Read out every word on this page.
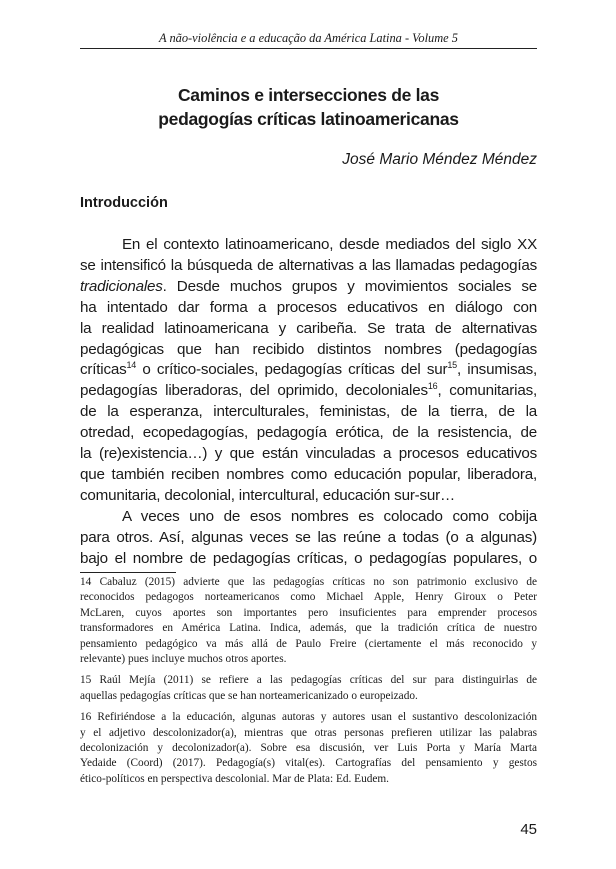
A não-violência e a educação da América Latina - Volume 5
Caminos e intersecciones de las
pedagogías críticas latinoamericanas
José Mario Méndez Méndez
Introducción
En el contexto latinoamericano, desde mediados del siglo XX
se intensificó la búsqueda de alternativas a las llamadas pedagogías
tradicionales. Desde muchos grupos y movimientos sociales se
ha intentado dar forma a procesos educativos en diálogo con
la realidad latinoamericana y caribeña. Se trata de alternativas
pedagógicas que han recibido distintos nombres (pedagogías
críticas$^{14}$ o crítico-sociales, pedagogías críticas del sur$^{15}$, insumisas,
pedagogías liberadoras, del oprimido, decoloniales$^{16}$, comunitarias,
de la esperanza, interculturales, feministas, de la tierra, de la
otredad, ecopedagogías, pedagogía erótica, de la resistencia, de
la (re)existencia…) y que están vinculadas a procesos educativos
que también reciben nombres como educación popular, liberadora,
comunitaria, decolonial, intercultural, educación sur-sur…
A veces uno de esos nombres es colocado como cobija
para otros. Así, algunas veces se las reúne a todas (o a algunas)
bajo el nombre de pedagogías críticas, o pedagogías populares, o
14 Cabaluz (2015) advierte que las pedagogías críticas no son patrimonio exclusivo de
reconocidos pedagogos norteamericanos como Michael Apple, Henry Giroux o Peter
McLaren, cuyos aportes son importantes pero insuficientes para emprender procesos
transformadores en América Latina. Indica, además, que la tradición crítica de nuestro
pensamiento pedagógico va más allá de Paulo Freire (ciertamente el más reconocido y
relevante) pues incluye muchos otros aportes.
15 Raúl Mejía (2011) se refiere a las pedagogías críticas del sur para distinguirlas de
aquellas pedagogías críticas que se han norteamericanizado o europeizado.
16 Refiriéndose a la educación, algunas autoras y autores usan el sustantivo descolonización
y el adjetivo descolonizador(a), mientras que otras personas prefieren utilizar las palabras
decolonización y decolonizador(a). Sobre esa discusión, ver Luis Porta y María Marta
Yedaide (Coord) (2017). Pedagogía(s) vital(es). Cartografías del pensamiento y gestos
ético-políticos en perspectiva descolonial. Mar de Plata: Ed. Eudem.
45
